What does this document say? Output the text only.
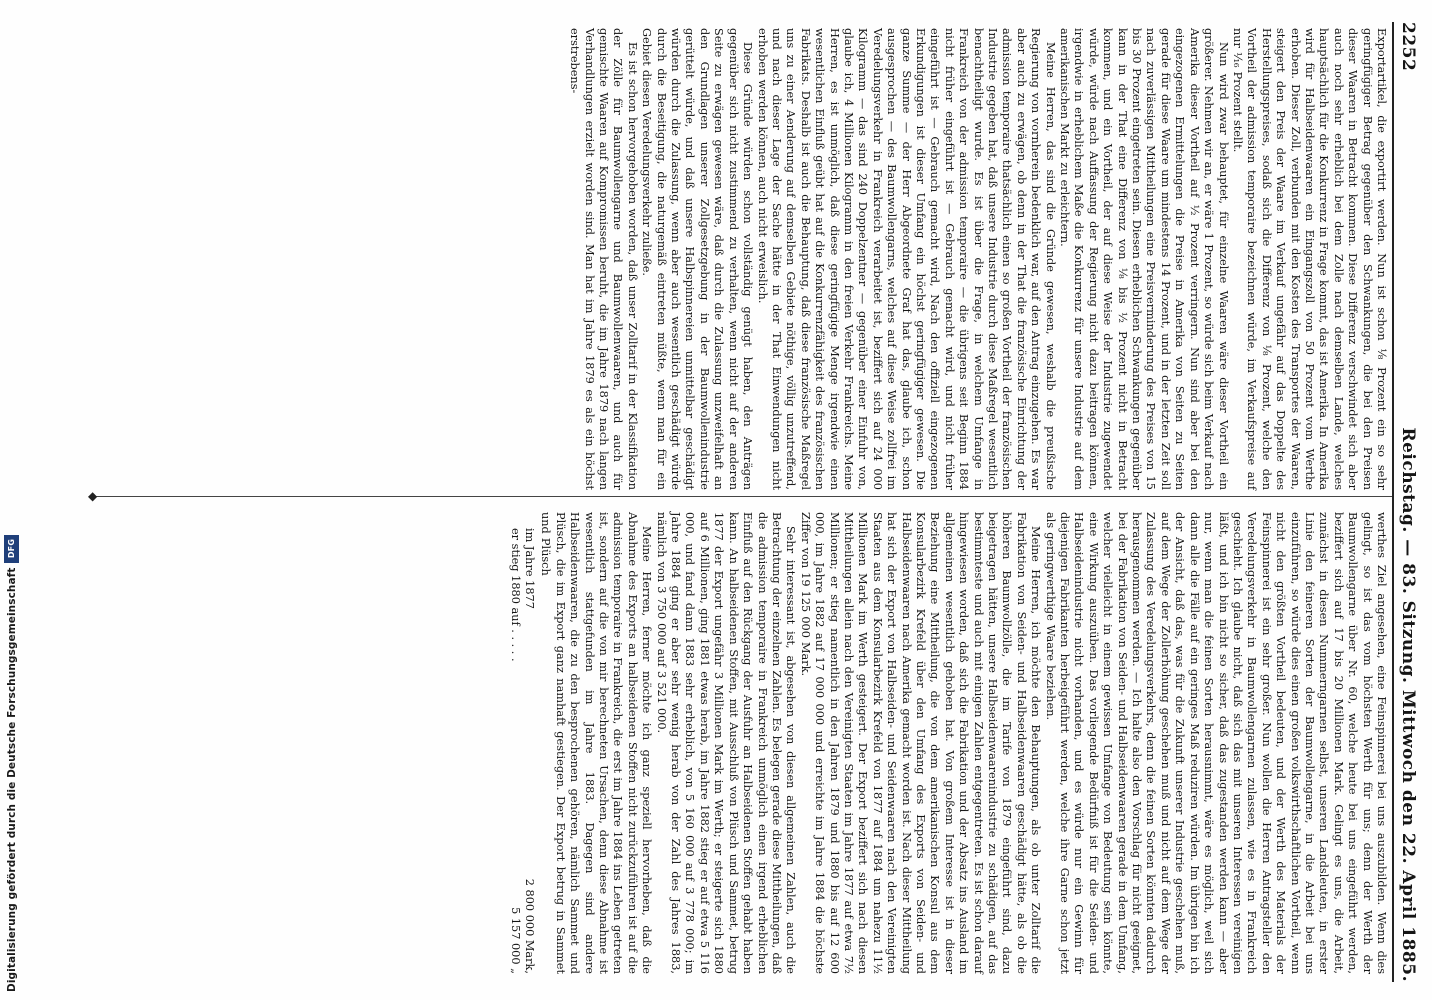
2252
Reichstag. — 83. Sitzung. Mittwoch den 22. April 1885.

Exportartikel, die exportirt werden. Nun ist schon ⅛ Prozent ein so sehr geringfügiger Betrag gegenüber den Schwankungen, die bei den Preisen dieser Waaren in Betracht kommen. Diese Differenz verschwindet sich aber auch noch sehr erheblich bei dem Zolle nach demselben Lande, welches hauptsächlich für die Konkurrenz in Frage kommt, das ist Amerika. In Amerika wird für Halbseidenwaaren ein Eingangszoll von 50 Prozent vom Werthe erhoben. Dieser Zoll, verbunden mit den Kosten des Transportes der Waaren, steigert den Preis der Waare im Verkauf ungefähr auf das Doppelte des Herstellungspreises, sodaß sich die Differenz von ⅛ Prozent, welche den Vortheil der admission temporaire bezeichnen würde, im Verkaufspreise auf nur ¹⁄₁₆ Prozent stellt.

Nun wird zwar behauptet, für einzelne Waaren wäre dieser Vortheil ein größerer. Nehmen wir an, er wäre 1 Prozent, so würde sich beim Verkauf nach Amerika dieser Vortheil auf ½ Prozent verringern. Nun sind aber bei den eingezogenen Ermittelungen die Preise in Amerika von Seiten zu Seiten gerade für diese Waare um mindestens 14 Prozent, und in der letzten Zeit soll nach zuverlässigen Mittheilungen eine Preisverminderung des Preises von 15 bis 30 Prozent eingetreten sein. Diesen erheblichen Schwankungen gegenüber kann in der That eine Differenz von ⅛ bis ½ Prozent nicht in Betracht kommen, und ein Vortheil, der auf diese Weise der Industrie zugewendet würde, würde nach Auffassung der Regierung nicht dazu beitragen können, irgendwie in erheblichem Maße die Konkurrenz für unsere Industrie auf dem amerikanischen Markt zu erleichtern.

Meine Herren, das sind die Gründe gewesen, weshalb die preußische Regierung von vornherein bedenklich war, auf den Antrag einzugehen. Es war aber auch zu erwägen, ob denn in der That die französische Einrichtung der admission temporaire thatsächlich einen so großen Vortheil der französischen Industrie gegeben hat, daß unsere Industrie durch diese Maßregel wesentlich benachtheiligt wurde. Es ist über die Frage, in welchem Umfange in Frankreich von der admission temporaire — die übrigens seit Beginn 1884 nicht früher eingeführt ist — Gebrauch gemacht wird, und nicht früher eingeführt ist — Gebrauch gemacht wird, Nach den offiziell eingezogenen Erkundigungen ist dieser Umfang ein höchst geringfügiger gewesen. Die ganze Summe — der Herr Abgeordnete Graf hat das, glaube ich, schon ausgesprochen — des Baumwollengarns, welches auf diese Weise zollfrei im Veredelungsverkehr in Frankreich verarbeitet ist, beziffert sich auf 24 000 Kilogramm — das sind 240 Doppelzentner — gegenüber einer Einfuhr von, glaube ich, 4 Millionen Kilogramm in den freien Verkehr Frankreichs. Meine Herren, es ist unmöglich, daß diese geringfügige Menge irgendwie einen wesentlichen Einfluß geübt hat auf die Konkurrenzfähigkeit des französischen Fabrikats. Deshalb ist auch die Behauptung, daß diese französische Maßregel uns zu einer Aenderung auf demselben Gebiete nöthige, völlig unzutreffend, und nach dieser Lage der Sache hätte in der That Einwendungen nicht erhoben werden können, auch nicht erweislich.

Diese Gründe würden schon vollständig genügt haben, den Anträgen gegenüber sich nicht zustimmend zu verhalten, wenn nicht auf der anderen Seite zu erwägen gewesen wäre, daß durch die Zulassung unzweifelhaft an den Grundlagen unserer Zollgesetzgebung in der Baumwollenindustrie gerüttelt würde, und daß unsere Halbspinnereien unmittelbar geschädigt würden durch die Zulassung, wenn aber auch wesentlich geschädigt würde durch die Beseitigung, die naturgemäß eintreten müßte, wenn man für ein Gebiet diesen Veredelungsverkehr zuließe.

Es ist schon hervorgehoben worden, daß unser Zolltarif in der Klassifikation der Zölle für Baumwollengarne und Baumwollenwaaren, und auch für gemischte Waaren auf Kompromissen beruht, die im Jahre 1879 nach langen Verhandlungen erzielt worden sind. Man hat im Jahre 1879 es als ein höchst erstrebens-

◆

werthes Ziel angesehen, eine Feinspinnerei bei uns auszubilden. Wenn dies gelingt, so ist das vom höchsten Werth für uns; denn der Werth der Baumwollengarne über Nr. 60, welche heute bei uns eingeführt werden, beziffert sich auf 17 bis 20 Millionen Mark. Gelingt es uns, die Arbeit, zunächst in diesen Nummerngarnen selbst, unseren Landsleuten, in erster Linie den feineren Sorten der Baumwollengarne, in die Arbeit bei uns einzuführen, so würde dies einen großen volkswirthschaftlichen Vortheil, wenn nicht den größten Vortheil bedeuten, und der Werth des Materials der Feinspinnerei ist ein sehr großer. Nun wollen die Herren Antragsteller den Veredelungsverkehr in Baumwollengarnen zulassen, wie es in Frankreich geschieht. Ich glaube nicht, daß sich das mit unseren Interessen vereinigen läßt, und ich bin nicht so sicher, daß das zugestanden werden kann — aber nur, wenn man die feinen Sorten herausnimmt, wäre es möglich, weil sich dann alle die Fälle auf ein geringes Maß reduziren würden. Im übrigen bin ich der Ansicht, daß das, was für die Zukunft unserer Industrie geschehen muß, auf dem Wege der Zollerhöhung geschehen muß und nicht auf dem Wege der Zulassung des Veredelungsverkehrs, denn die feinen Sorten könnten dadurch herausgenommen werden. — Ich halte also den Vorschlag für nicht geeignet, bei der Fabrikation von Seiden- und Halbseidenwaaren gerade in dem Umfang, welcher vielleicht in einem gewissen Umfange von Bedeutung sein könnte, eine Wirkung auszuüben. Das vorliegende Bedürfniß ist für die Seiden- und Halbseidenindustrie nicht vorhanden, und es würde nur ein Gewinn für diejenigen Fabrikanten herbeigeführt werden, welche ihre Garne schon jetzt als geringwerthige Waare beziehen.

Meine Herren, ich möchte den Behauptungen, als ob unter Zolltarif die Fabrikation von Seiden- und Halbseidenwaaren geschädigt hätte, als ob die höheren Baumwollzölle, die im Tarife von 1879 eingeführt sind, dazu beigetragen hätten, unsere Halbseidenwaarenindustrie zu schädigen, auf das bestimmteste und auch mit einigen Zahlen entgegentreten. Es ist schon darauf hingewiesen worden, daß sich die Fabrikation und der Absatz ins Ausland im allgemeinen wesentlich gehoben hat. Von großem Interesse ist in dieser Beziehung eine Mittheilung, die von dem amerikanischen Konsul aus dem Konsularbezirk Krefeld über den Umfang des Exports von Seiden- und Halbseidenwaaren nach Amerika gemacht worden ist. Nach dieser Mittheilung hat sich der Export von Halbseiden- und Seidenwaaren nach den Vereinigten Staaten aus dem Konsularbezirk Krefeld von 1877 auf 1884 um nahezu 11½ Millionen Mark im Werth gesteigert. Der Export beziffert sich nach diesen Mittheilungen allein nach den Vereinigten Staaten im Jahre 1877 auf etwa 7½ Millionen; er stieg namentlich in den Jahren 1879 und 1880 bis auf 12 600 000, im Jahre 1882 auf 17 000 000 und erreichte im Jahre 1884 die höchste Ziffer von 19 125 000 Mark.

Sehr interessant ist, abgesehen von diesen allgemeinen Zahlen, auch die Betrachtung der einzelnen Zahlen. Es belegen gerade diese Mittheilungen, daß die admission temporaire in Frankreich unmöglich einen irgend erheblichen Einfluß auf den Rückgang der Ausfuhr an Halbseidenen Stoffen gehabt haben kann. An halbseidenen Stoffen, mit Ausschluß von Plüsch und Sammet, betrug 1877 der Export ungefähr 3 Millionen Mark im Werth; er steigerte sich 1880 auf 6 Millionen, ging 1881 etwas herab, im Jahre 1882 stieg er auf etwa 5 116 000, und fand dann 1883 sehr erheblich, von 5 160 000 auf 3 778 000; im Jahre 1884 ging er aber sehr wenig herab von der Zahl des Jahres 1883, nämlich von 3 750 000 auf 3 521 000.

Meine Herren, ferner möchte ich ganz speziell hervorheben, daß die Abnahme des Exports an halbseidenen Stoffen nicht zurückzuführen ist auf die admission temporaire in Frankreich, die erst im Jahre 1884 ins Leben getreten ist, sondern auf die von mir berechneten Ursachen, denn diese Abnahme ist wesentlich stattgefunden im Jahre 1883. Dagegen sind andere Halbseidenwaaren, die zu den besprochenen gehören, nämlich Sammet und Plüsch, die im Export ganz namhaft gestiegen. Der Export betrug in Sammet und Plüsch

im Jahre 1877
2 800 000 Mark,
er stieg 1880 auf . . . . .
5 157 000 „
Digitalisierung gefördert durch die Deutsche Forschungsgemeinschaft
DFG
